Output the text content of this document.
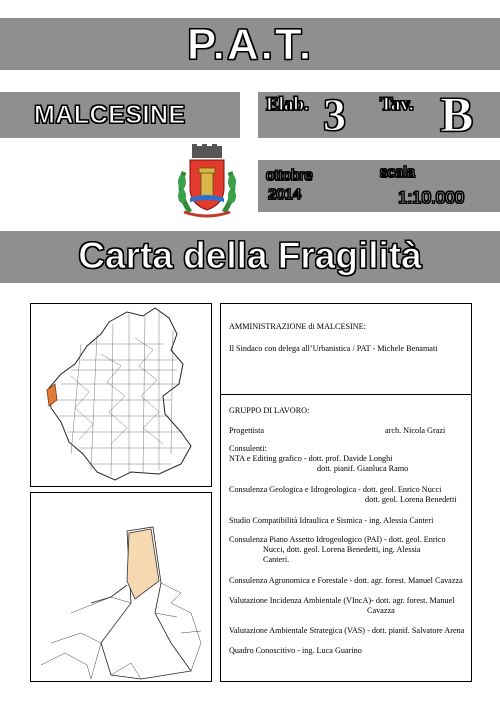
P.A.T.
MALCESINE	Elab. 3 Tav. B
ottobre
2014
scala
1:10.000
Carta della Fragilità
AMMINISTRAZIONE di MALCESINE:
Il Sindaco con delega all’Urbanistica / PAT - Michele Benamati
GRUPPO DI LAVORO:
Progettista	arch. Nicola Grazi
Consulenti:
NTA e Editing grafico - dott. prof. Davide Longhi
dott. pianif. Gianluca Ramo
Consulenza Geologica e Idrogeologica - dott. geol. Enrico Nucci
dott. geol. Lorena Benedetti
Studio Compatibilità Idraulica e Sismica - ing. Alessia Canteri
Consulenza Piano Assetto Idrogeologico (PAI) - dott. geol. Enrico
Nucci, dott. geol. Lorena Benedetti, ing. Alessia
Canteri.
Consulenza Agronomica e Forestale - dott. agr. forest. Manuel Cavazza
Valutazione Incidenza Ambientale (VIncA)- dott. agr. forest. Manuel
Cavazza
Valutazione Ambientale Strategica (VAS) - dott. pianif. Salvatore Arena
Quadro Conoscitivo - ing. Luca Guarino
